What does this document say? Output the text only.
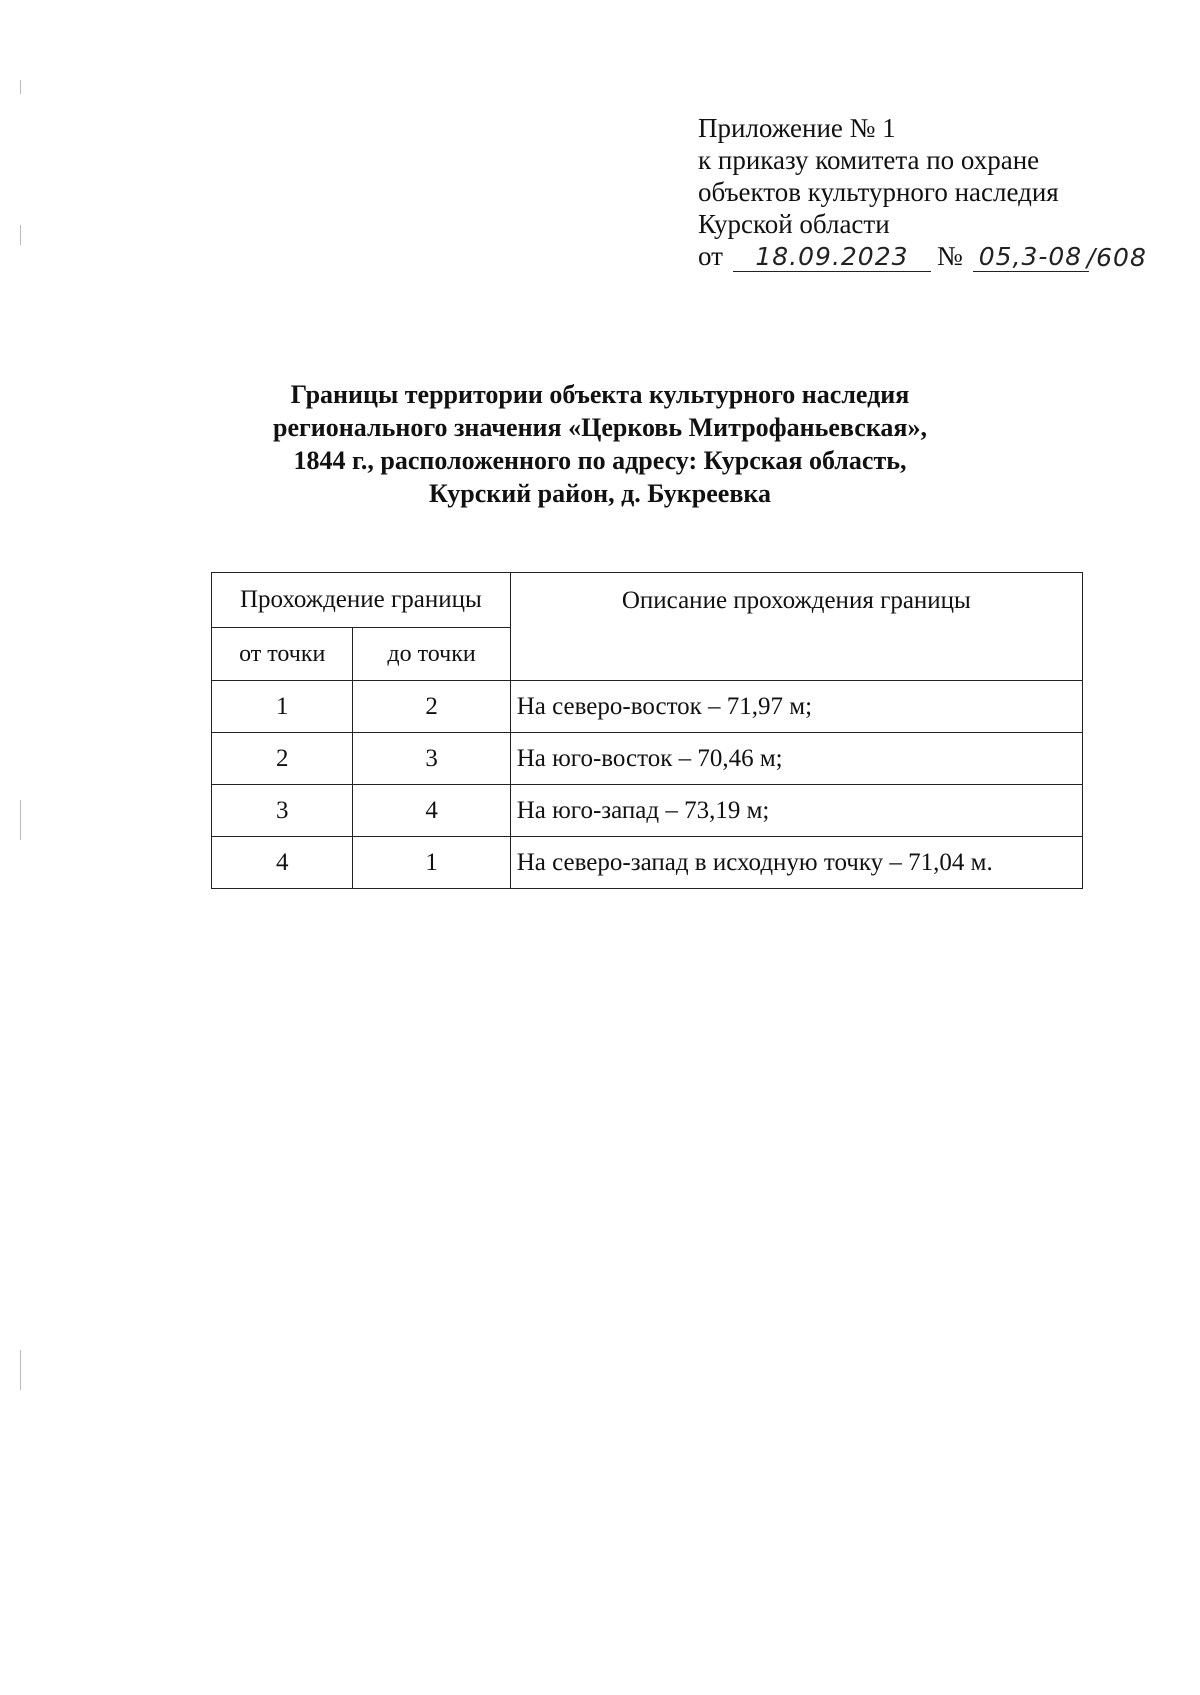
Приложение № 1
к приказу комитета по охране
объектов культурного наследия
Курской области
от	18.09.2023	№ 05,3-08 /608
Границы территории объекта культурного наследия
регионального значения «Церковь Митрофаньевская»,
1844 г., расположенного по адресу: Курская область,
Курский район, д. Букреевка
Прохождение границы		Описание прохождения границы
от точки	до точки	
1	2	На северо-восток – 71,97 м;
2	3	На юго-восток – 70,46 м;
3	4	На юго-запад – 73,19 м;
4	1	На северо-запад в исходную точку – 71,04 м.
